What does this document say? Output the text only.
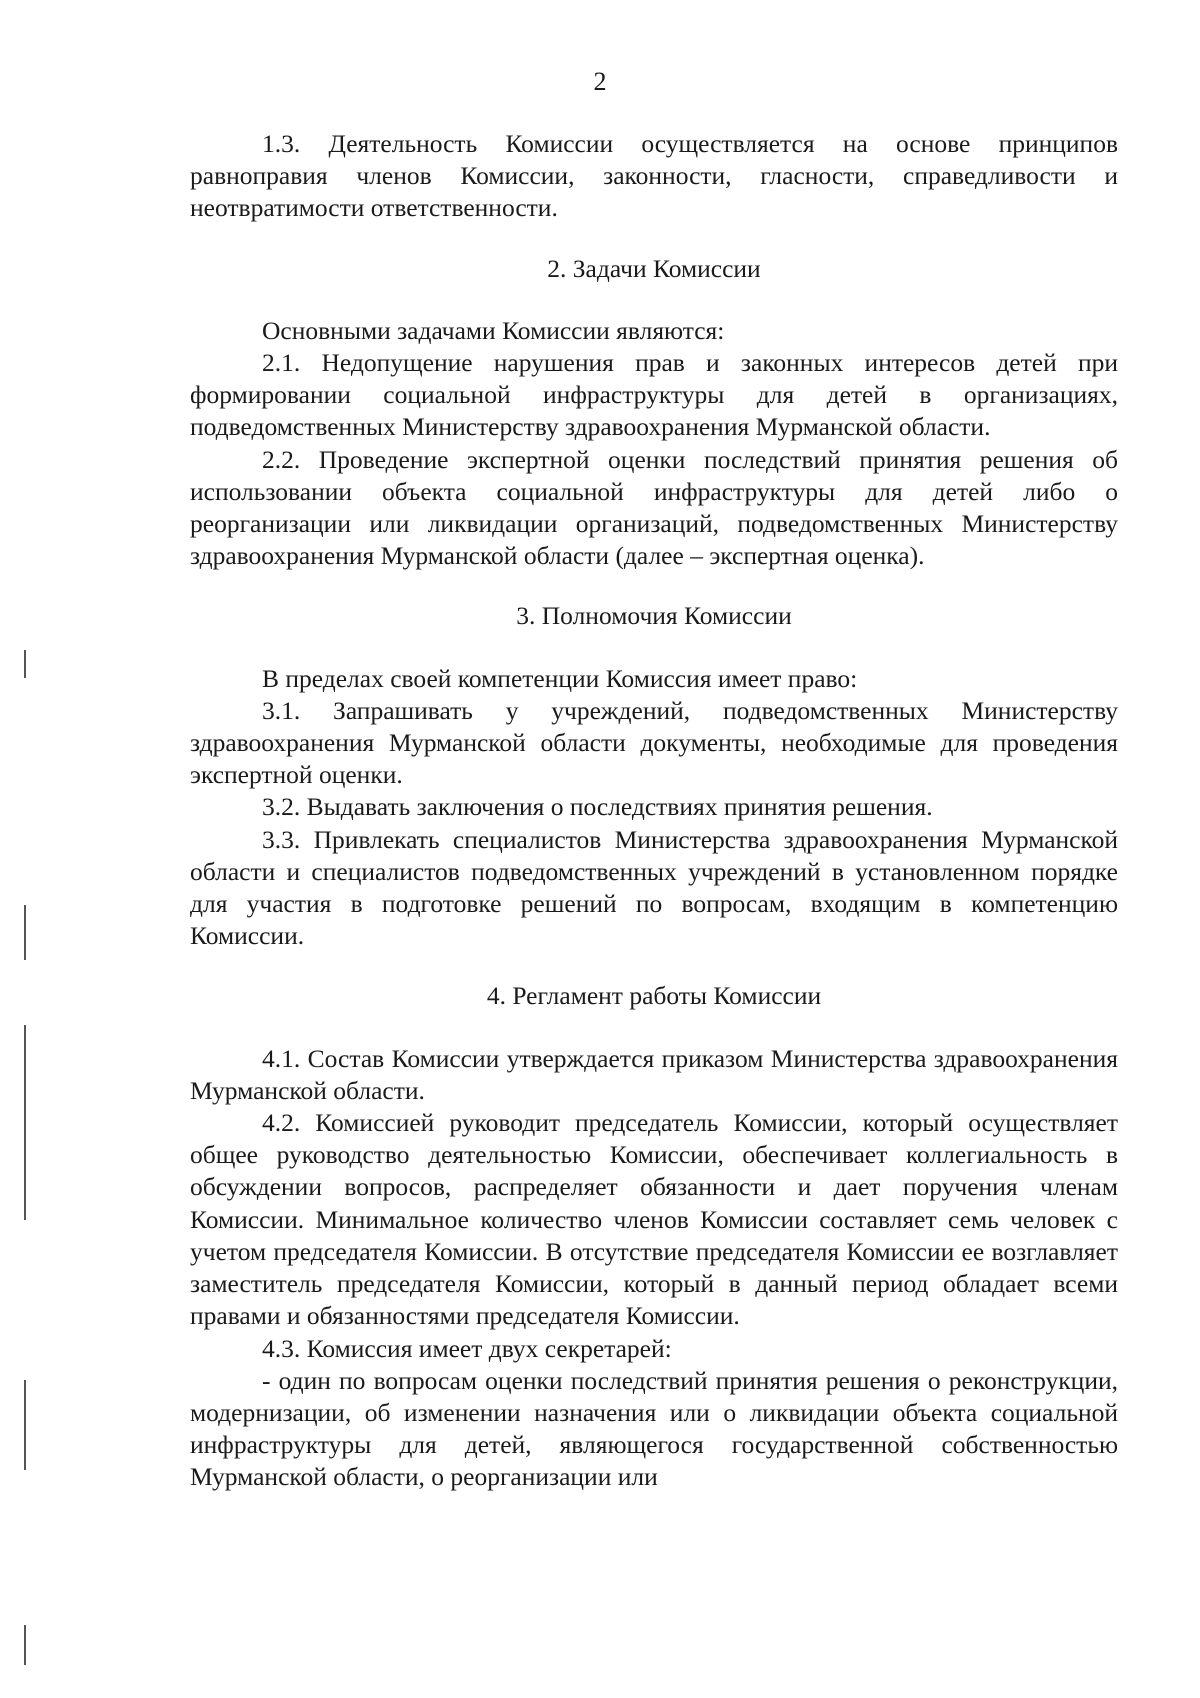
2

1.3. Деятельность Комиссии осуществляется на основе принципов равноправия членов Комиссии, законности, гласности, справедливости и неотвратимости ответственности.

2. Задачи Комиссии

Основными задачами Комиссии являются:

2.1. Недопущение нарушения прав и законных интересов детей при формировании социальной инфраструктуры для детей в организациях, подведомственных Министерству здравоохранения Мурманской области.

2.2. Проведение экспертной оценки последствий принятия решения об использовании объекта социальной инфраструктуры для детей либо о реорганизации или ликвидации организаций, подведомственных Министерству здравоохранения Мурманской области (далее – экспертная оценка).

3. Полномочия Комиссии

В пределах своей компетенции Комиссия имеет право:

3.1. Запрашивать у учреждений, подведомственных Министерству здравоохранения Мурманской области документы, необходимые для проведения экспертной оценки.

3.2. Выдавать заключения о последствиях принятия решения.

3.3. Привлекать специалистов Министерства здравоохранения Мурманской области и специалистов подведомственных учреждений в установленном порядке для участия в подготовке решений по вопросам, входящим в компетенцию Комиссии.

4. Регламент работы Комиссии

4.1. Состав Комиссии утверждается приказом Министерства здравоохранения Мурманской области.

4.2. Комиссией руководит председатель Комиссии, который осуществляет общее руководство деятельностью Комиссии, обеспечивает коллегиальность в обсуждении вопросов, распределяет обязанности и дает поручения членам Комиссии. Минимальное количество членов Комиссии составляет семь человек с учетом председателя Комиссии. В отсутствие председателя Комиссии ее возглавляет заместитель председателя Комиссии, который в данный период обладает всеми правами и обязанностями председателя Комиссии.

4.3. Комиссия имеет двух секретарей:

- один по вопросам оценки последствий принятия решения о реконструкции, модернизации, об изменении назначения или о ликвидации объекта социальной инфраструктуры для детей, являющегося государственной собственностью Мурманской области, о реорганизации или
